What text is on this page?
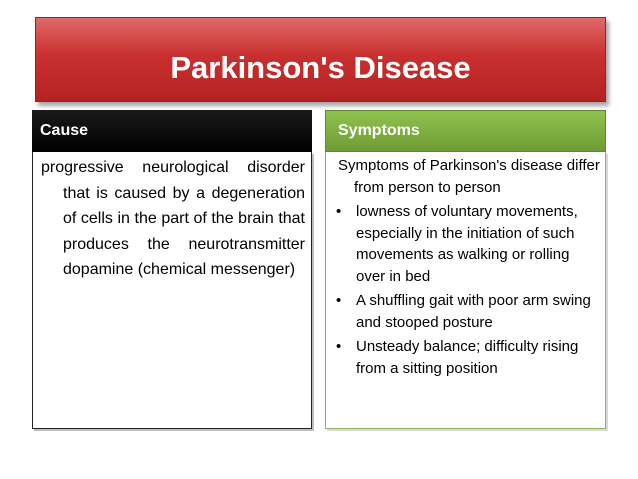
Parkinson's Disease
Cause	Symptoms
progressive neurological disorder that is caused by a degeneration of cells in the part of the brain that produces the neurotransmitter dopamine (chemical messenger)
Symptoms of Parkinson's disease differ from person to person
• lowness of voluntary movements, especially in the initiation of such movements as walking or rolling over in bed
• A shuffling gait with poor arm swing and stooped posture
• Unsteady balance; difficulty rising from a sitting position
